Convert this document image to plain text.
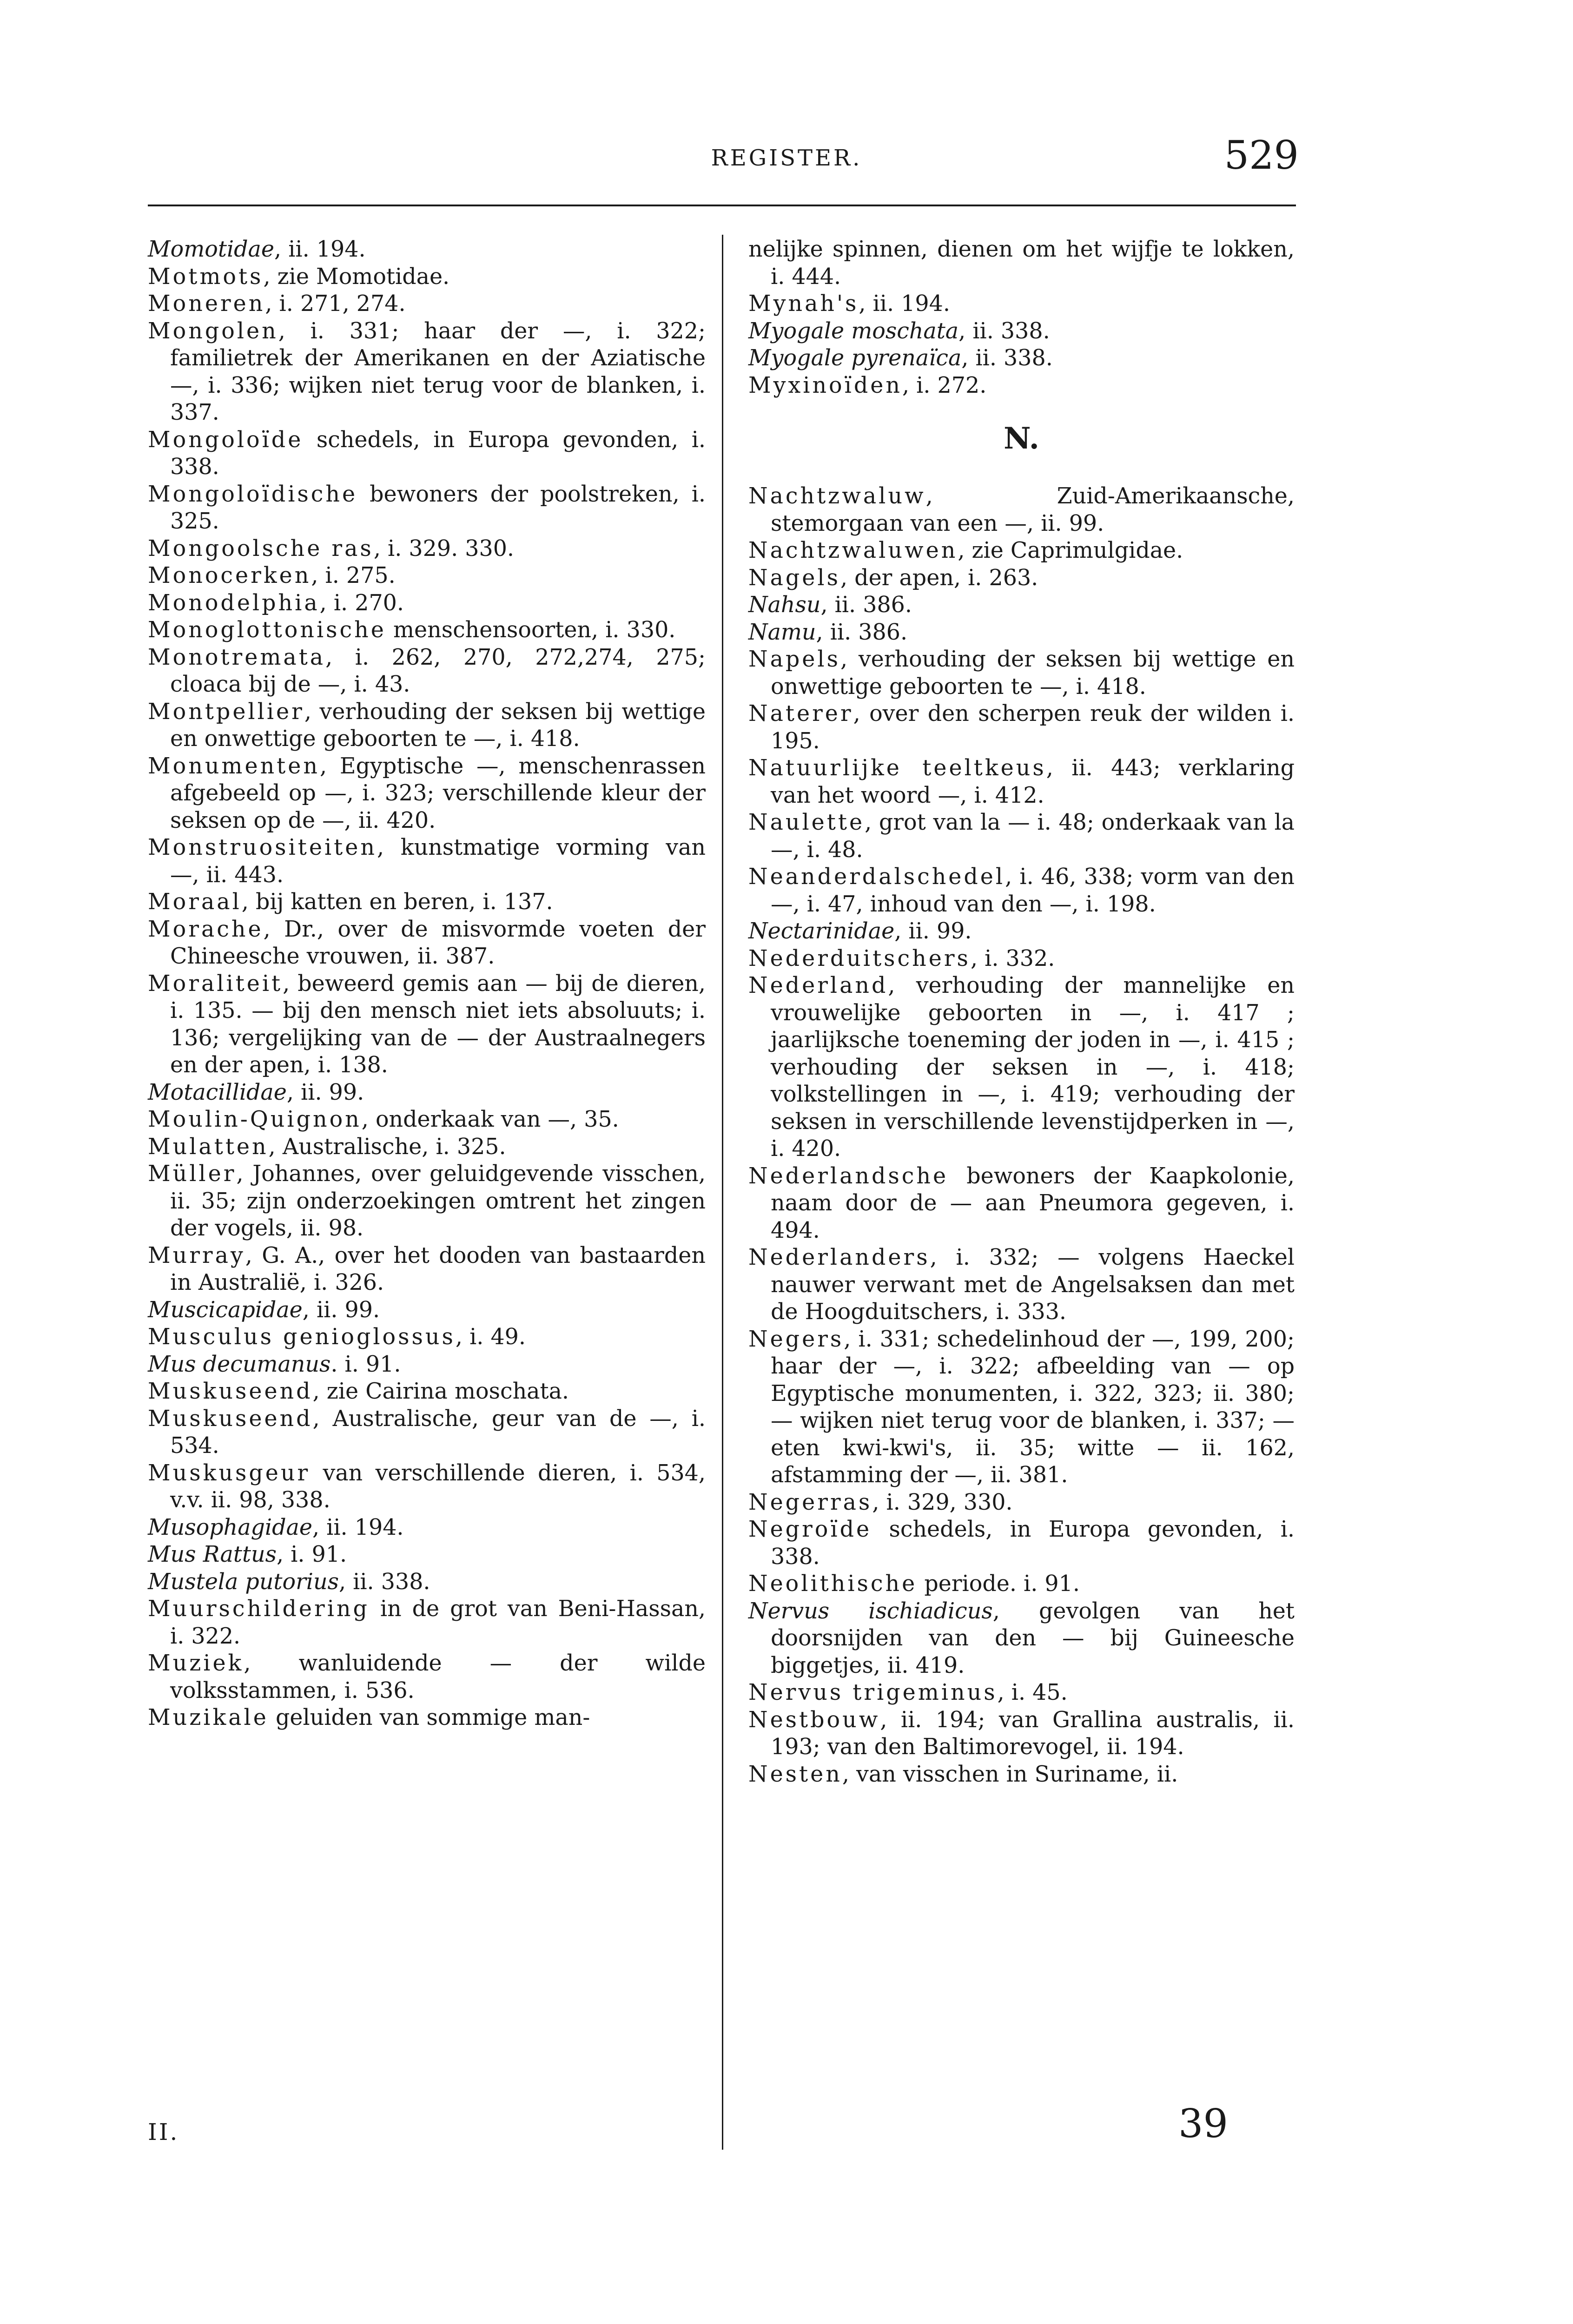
REGISTER.	529
Momotidae, ii. 194.
Motmots, zie Momotidae.
Moneren, i. 271, 274.
Mongolen, i. 331; haar der —, i. 322; familietrek der Amerikanen en der Aziatische —, i. 336; wijken niet terug voor de blanken, i. 337.
Mongoloïde schedels, in Europa gevonden, i. 338.
Mongoloïdische bewoners der poolstreken, i. 325.
Mongoolsche ras, i. 329. 330.
Monocerken, i. 275.
Monodelphia, i. 270.
Monoglottonische menschensoorten, i. 330.
Monotremata, i. 262, 270, 272,274, 275; cloaca bij de —, i. 43.
Montpellier, verhouding der seksen bij wettige en onwettige geboorten te —, i. 418.
Monumenten, Egyptische —, menschenrassen afgebeeld op —, i. 323; verschillende kleur der seksen op de —, ii. 420.
Monstruositeiten, kunstmatige vorming van —, ii. 443.
Moraal, bij katten en beren, i. 137.
Morache, Dr., over de misvormde voeten der Chineesche vrouwen, ii. 387.
Moraliteit, beweerd gemis aan — bij de dieren, i. 135. — bij den mensch niet iets absoluuts; i. 136; vergelijking van de — der Austraalnegers en der apen, i. 138.
Motacillidae, ii. 99.
Moulin-Quignon, onderkaak van —, 35.
Mulatten, Australische, i. 325.
Müller, Johannes, over geluidgevende visschen, ii. 35; zijn onderzoekingen omtrent het zingen der vogels, ii. 98.
Murray, G. A., over het dooden van bastaarden in Australië, i. 326.
Muscicapidae, ii. 99.
Musculus genioglossus, i. 49.
Mus decumanus. i. 91.
Muskuseend, zie Cairina moschata.
Muskuseend, Australische, geur van de —, i. 534.
Muskusgeur van verschillende dieren, i. 534, v.v. ii. 98, 338.
Musophagidae, ii. 194.
Mus Rattus, i. 91.
Mustela putorius, ii. 338.
Muurschildering in de grot van Beni-Hassan, i. 322.
Muziek, wanluidende — der wilde volksstammen, i. 536.
Muzikale geluiden van sommige man-
nelijke spinnen, dienen om het wijfje te lokken, i. 444.
Mynah's, ii. 194.
Myogale moschata, ii. 338.
Myogale pyrenaïca, ii. 338.
Myxinoïden, i. 272.
N.
Nachtzwaluw, Zuid-Amerikaansche, stemorgaan van een —, ii. 99.
Nachtzwaluwen, zie Caprimulgidae.
Nagels, der apen, i. 263.
Nahsu, ii. 386.
Namu, ii. 386.
Napels, verhouding der seksen bij wettige en onwettige geboorten te —, i. 418.
Naterer, over den scherpen reuk der wilden i. 195.
Natuurlijke teeltkeus, ii. 443; verklaring van het woord —, i. 412.
Naulette, grot van la — i. 48; onderkaak van la —, i. 48.
Neanderdalschedel, i. 46, 338; vorm van den —, i. 47, inhoud van den —, i. 198.
Nectarinidae, ii. 99.
Nederduitschers, i. 332.
Nederland, verhouding der mannelijke en vrouwelijke geboorten in —, i. 417 ; jaarlijksche toeneming der joden in —, i. 415 ; verhouding der seksen in —, i. 418; volkstellingen in —, i. 419; verhouding der seksen in verschillende levenstijdperken in —, i. 420.
Nederlandsche bewoners der Kaapkolonie, naam door de — aan Pneumora gegeven, i. 494.
Nederlanders, i. 332; — volgens Haeckel nauwer verwant met de Angelsaksen dan met de Hoogduitschers, i. 333.
Negers, i. 331; schedelinhoud der —, 199, 200; haar der —, i. 322; afbeelding van — op Egyptische monumenten, i. 322, 323; ii. 380; — wijken niet terug voor de blanken, i. 337; — eten kwi-kwi's, ii. 35; witte — ii. 162, afstamming der —, ii. 381.
Negerras, i. 329, 330.
Negroïde schedels, in Europa gevonden, i. 338.
Neolithische periode. i. 91.
Nervus ischiadicus, gevolgen van het doorsnijden van den — bij Guineesche biggetjes, ii. 419.
Nervus trigeminus, i. 45.
Nestbouw, ii. 194; van Grallina australis, ii. 193; van den Baltimorevogel, ii. 194.
Nesten, van visschen in Suriname, ii.
II.	39
